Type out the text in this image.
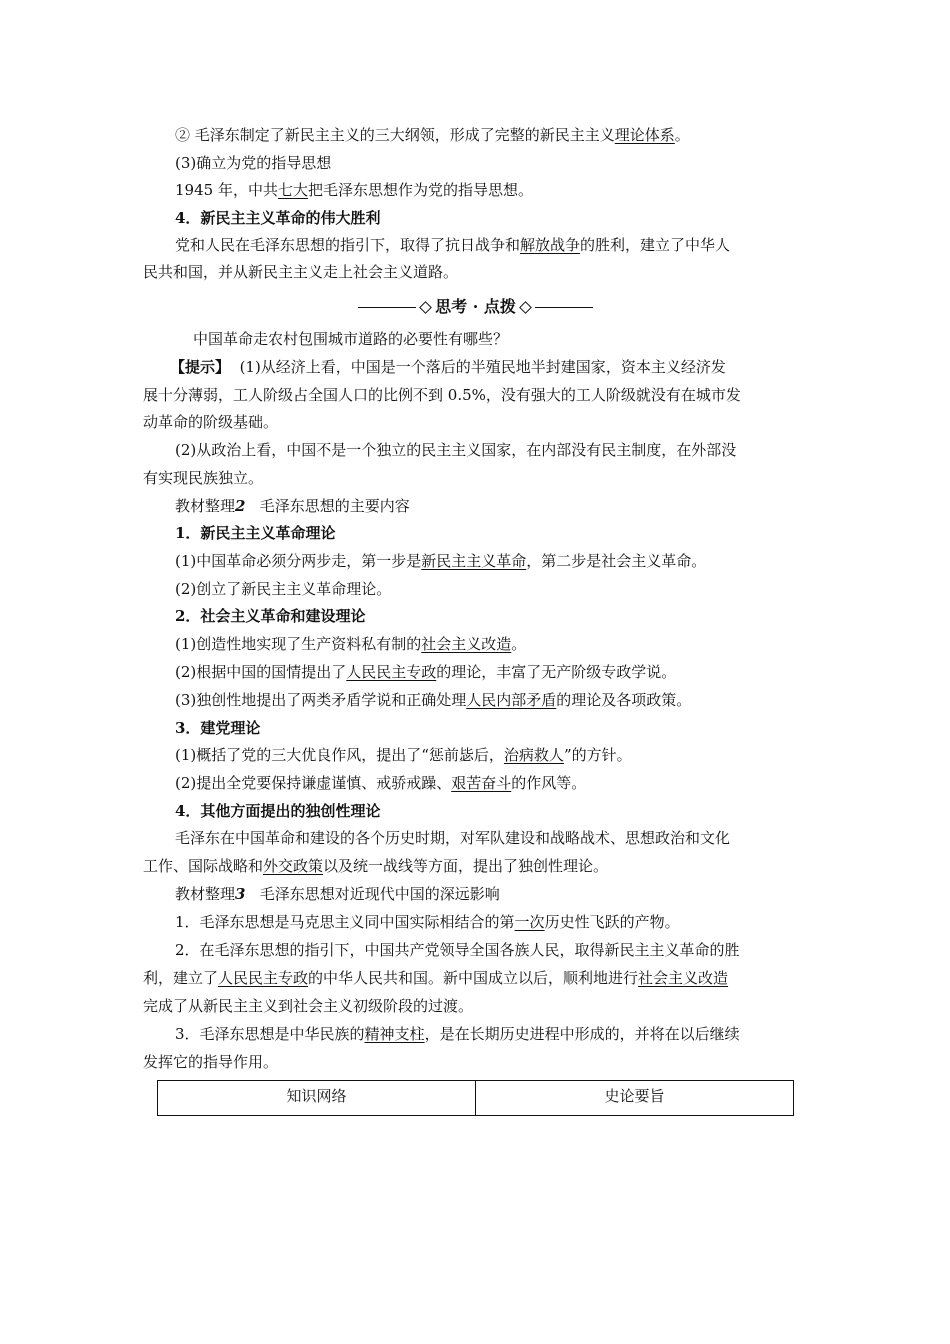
② 毛泽东制定了新民主主义的三大纲领，形成了完整的新民主主义理论体系。
(3)确立为党的指导思想
1945 年，中共七大把毛泽东思想作为党的指导思想。
4．新民主主义革命的伟大胜利
党和人民在毛泽东思想的指引下，取得了抗日战争和解放战争的胜利，建立了中华人
民共和国，并从新民主主义走上社会主义道路。
思考 · 点拨
中国革命走农村包围城市道路的必要性有哪些？
【提示】 (1)从经济上看，中国是一个落后的半殖民地半封建国家，资本主义经济发
展十分薄弱，工人阶级占全国人口的比例不到 0.5%，没有强大的工人阶级就没有在城市发
动革命的阶级基础。
(2)从政治上看，中国不是一个独立的民主主义国家，在内部没有民主制度，在外部没
有实现民族独立。
教材整理2 毛泽东思想的主要内容
1．新民主主义革命理论
(1)中国革命必须分两步走，第一步是新民主主义革命，第二步是社会主义革命。
(2)创立了新民主主义革命理论。
2．社会主义革命和建设理论
(1)创造性地实现了生产资料私有制的社会主义改造。
(2)根据中国的国情提出了人民民主专政的理论，丰富了无产阶级专政学说。
(3)独创性地提出了两类矛盾学说和正确处理人民内部矛盾的理论及各项政策。
3．建党理论
(1)概括了党的三大优良作风，提出了“惩前毖后，治病救人”的方针。
(2)提出全党要保持谦虚谨慎、戒骄戒躁、艰苦奋斗的作风等。
4．其他方面提出的独创性理论
毛泽东在中国革命和建设的各个历史时期，对军队建设和战略战术、思想政治和文化
工作、国际战略和外交政策以及统一战线等方面，提出了独创性理论。
教材整理3 毛泽东思想对近现代中国的深远影响
1．毛泽东思想是马克思主义同中国实际相结合的第一次历史性飞跃的产物。
2．在毛泽东思想的指引下，中国共产党领导全国各族人民，取得新民主主义革命的胜
利，建立了人民民主专政的中华人民共和国。新中国成立以后，顺利地进行社会主义改造
完成了从新民主主义到社会主义初级阶段的过渡。
3．毛泽东思想是中华民族的精神支柱，是在长期历史进程中形成的，并将在以后继续
发挥它的指导作用。
知识网络	史论要旨
